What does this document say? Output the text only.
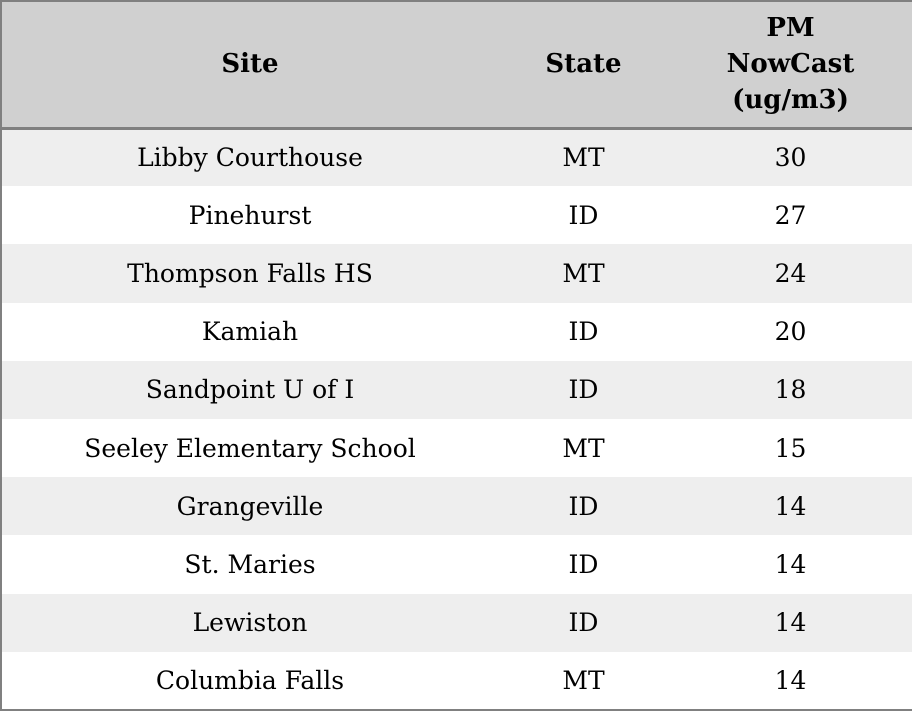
Site	State	PM NowCast (ug/m3)
Libby Courthouse	MT	30
Pinehurst	ID	27
Thompson Falls HS	MT	24
Kamiah	ID	20
Sandpoint U of I	ID	18
Seeley Elementary School	MT	15
Grangeville	ID	14
St. Maries	ID	14
Lewiston	ID	14
Columbia Falls	MT	14
